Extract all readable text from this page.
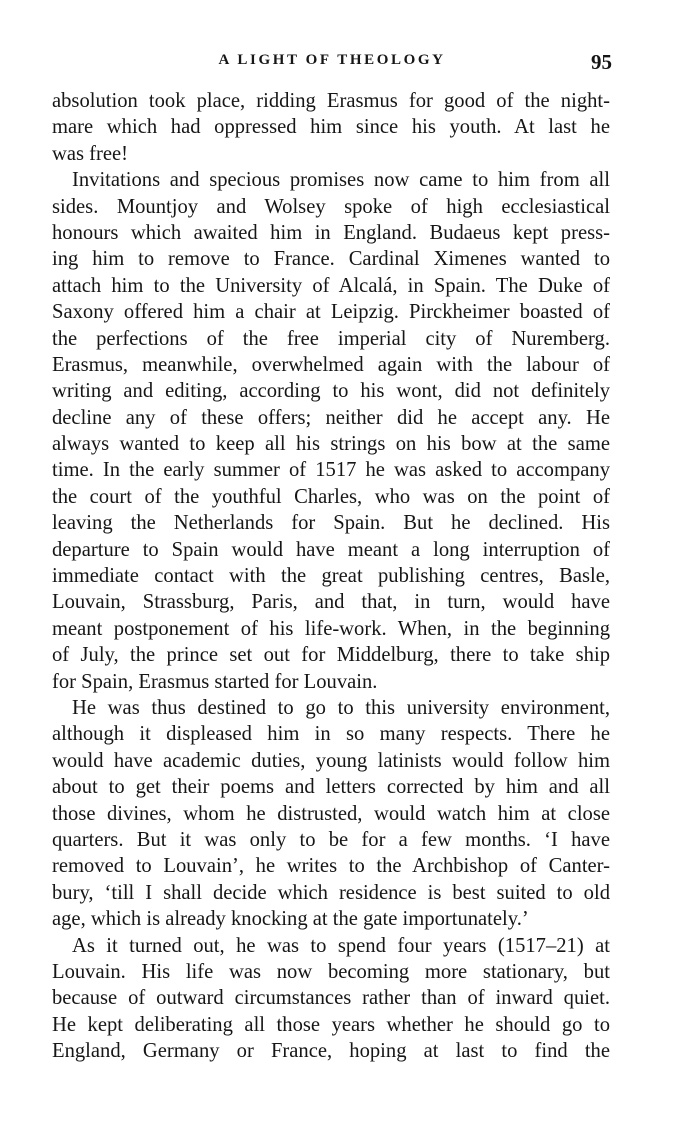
A LIGHT OF THEOLOGY	95
absolution took place, ridding Erasmus for good of the night-
mare which had oppressed him since his youth. At last he
was free!
Invitations and specious promises now came to him from all
sides. Mountjoy and Wolsey spoke of high ecclesiastical
honours which awaited him in England. Budaeus kept press-
ing him to remove to France. Cardinal Ximenes wanted to
attach him to the University of Alcalá, in Spain. The Duke of
Saxony offered him a chair at Leipzig. Pirckheimer boasted of
the perfections of the free imperial city of Nuremberg.
Erasmus, meanwhile, overwhelmed again with the labour of
writing and editing, according to his wont, did not definitely
decline any of these offers; neither did he accept any. He
always wanted to keep all his strings on his bow at the same
time. In the early summer of 1517 he was asked to accompany
the court of the youthful Charles, who was on the point of
leaving the Netherlands for Spain. But he declined. His
departure to Spain would have meant a long interruption of
immediate contact with the great publishing centres, Basle,
Louvain, Strassburg, Paris, and that, in turn, would have
meant postponement of his life-work. When, in the beginning
of July, the prince set out for Middelburg, there to take ship
for Spain, Erasmus started for Louvain.
He was thus destined to go to this university environment,
although it displeased him in so many respects. There he
would have academic duties, young latinists would follow him
about to get their poems and letters corrected by him and all
those divines, whom he distrusted, would watch him at close
quarters. But it was only to be for a few months. ‘I have
removed to Louvain’, he writes to the Archbishop of Canter-
bury, ‘till I shall decide which residence is best suited to old
age, which is already knocking at the gate importunately.’
As it turned out, he was to spend four years (1517–21) at
Louvain. His life was now becoming more stationary, but
because of outward circumstances rather than of inward quiet.
He kept deliberating all those years whether he should go to
England, Germany or France, hoping at last to find the
